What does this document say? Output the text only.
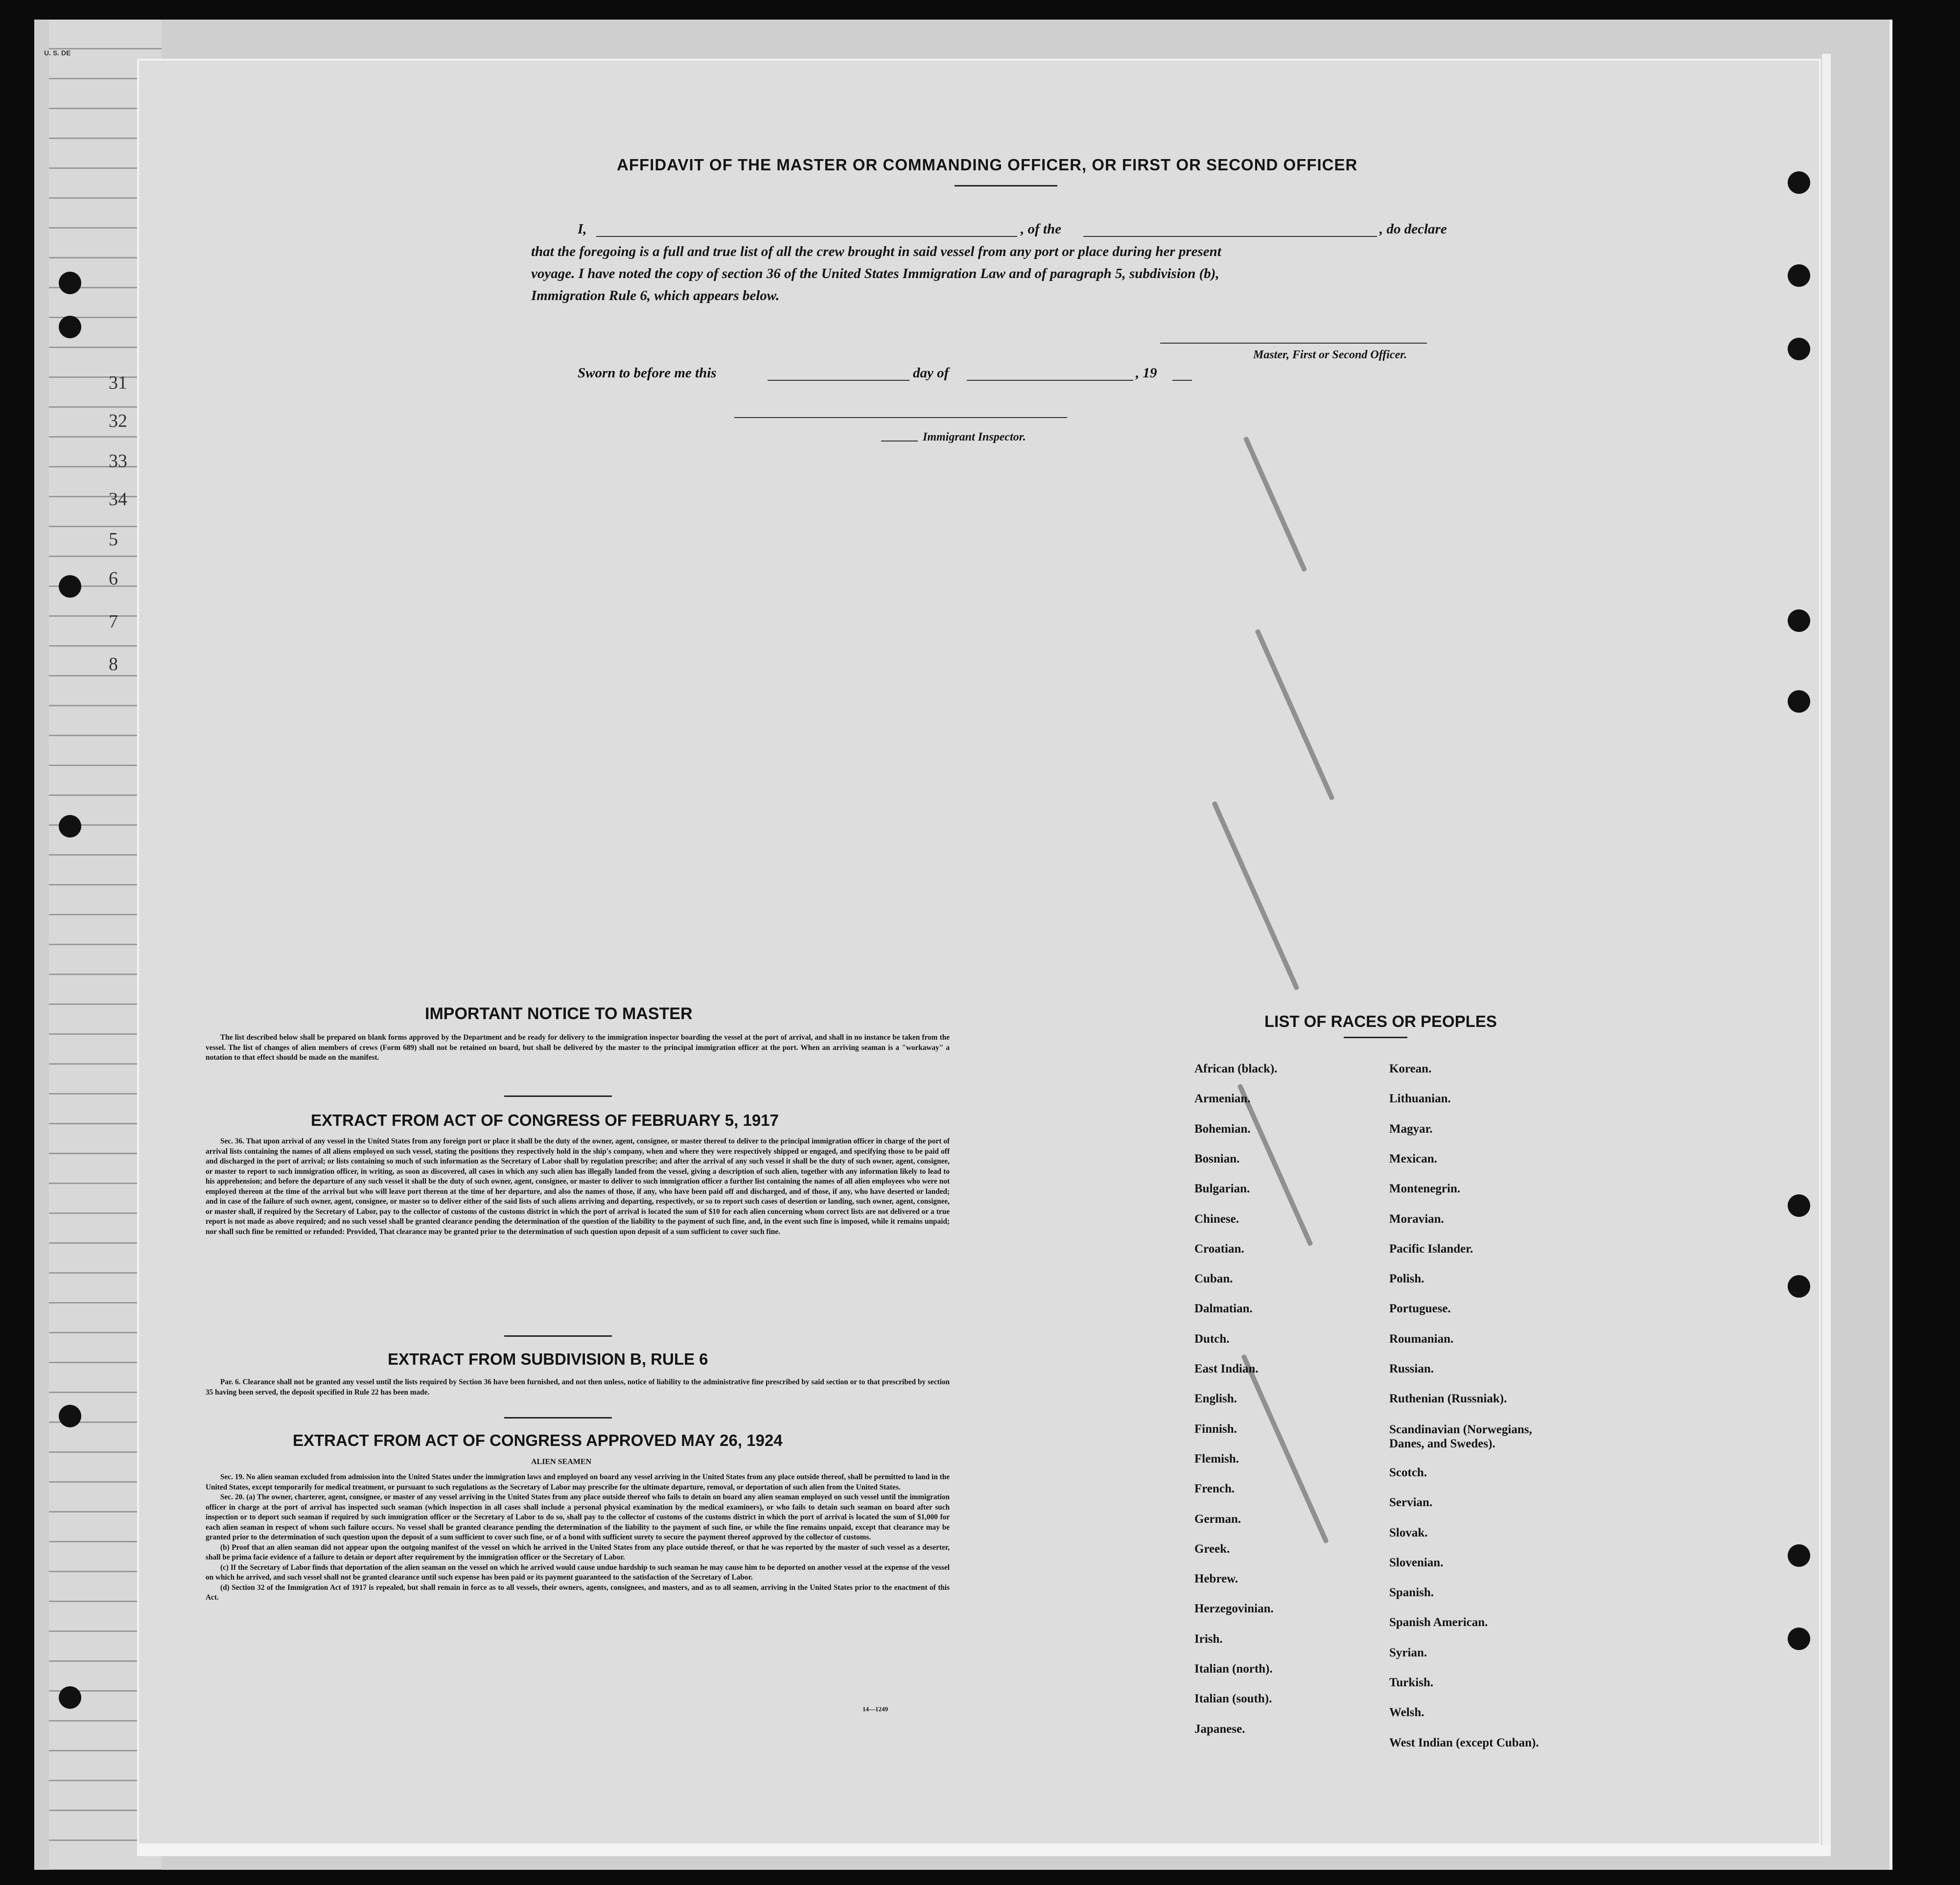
U. S. DE
31
32
33
34
5
6
7
8
AFFIDAVIT OF THE MASTER OR COMMANDING OFFICER, OR FIRST OR SECOND OFFICER
I,	, of the	, do declare
that the foregoing is a full and true list of all the crew brought in said vessel from any port or place during her present
voyage. I have noted the copy of section 36 of the United States Immigration Law and of paragraph 5, subdivision (b),
Immigration Rule 6, which appears below.
Master, First or Second Officer.
Sworn to before me this	day of	, 19
Immigrant Inspector.
IMPORTANT NOTICE TO MASTER

The list described below shall be prepared on blank forms approved by the Department and be ready for delivery to the immigration inspector boarding the vessel at the port of arrival, and shall in no instance be taken from the vessel. The list of changes of alien members of crews (Form 689) shall not be retained on board, but shall be delivered by the master to the principal immigration officer at the port. When an arriving seaman is a "workaway" a notation to that effect should be made on the manifest.

EXTRACT FROM ACT OF CONGRESS OF FEBRUARY 5, 1917

Sec. 36. That upon arrival of any vessel in the United States from any foreign port or place it shall be the duty of the owner, agent, consignee, or master thereof to deliver to the principal immigration officer in charge of the port of arrival lists containing the names of all aliens employed on such vessel, stating the positions they respectively hold in the ship's company, when and where they were respectively shipped or engaged, and specifying those to be paid off and discharged in the port of arrival; or lists containing so much of such information as the Secretary of Labor shall by regulation prescribe; and after the arrival of any such vessel it shall be the duty of such owner, agent, consignee, or master to report to such immigration officer, in writing, as soon as discovered, all cases in which any such alien has illegally landed from the vessel, giving a description of such alien, together with any information likely to lead to his apprehension; and before the departure of any such vessel it shall be the duty of such owner, agent, consignee, or master to deliver to such immigration officer a further list containing the names of all alien employees who were not employed thereon at the time of the arrival but who will leave port thereon at the time of her departure, and also the names of those, if any, who have been paid off and discharged, and of those, if any, who have deserted or landed; and in case of the failure of such owner, agent, consignee, or master so to deliver either of the said lists of such aliens arriving and departing, respectively, or so to report such cases of desertion or landing, such owner, agent, consignee, or master shall, if required by the Secretary of Labor, pay to the collector of customs of the customs district in which the port of arrival is located the sum of $10 for each alien concerning whom correct lists are not delivered or a true report is not made as above required; and no such vessel shall be granted clearance pending the determination of the question of the liability to the payment of such fine, and, in the event such fine is imposed, while it remains unpaid; nor shall such fine be remitted or refunded: Provided, That clearance may be granted prior to the determination of such question upon deposit of a sum sufficient to cover such fine.

EXTRACT FROM SUBDIVISION B, RULE 6

Par. 6. Clearance shall not be granted any vessel until the lists required by Section 36 have been furnished, and not then unless, notice of liability to the administrative fine prescribed by said section or to that prescribed by section 35 having been served, the deposit specified in Rule 22 has been made.

EXTRACT FROM ACT OF CONGRESS APPROVED MAY 26, 1924
ALIEN SEAMEN

Sec. 19. No alien seaman excluded from admission into the United States under the immigration laws and employed on board any vessel arriving in the United States from any place outside thereof, shall be permitted to land in the United States, except temporarily for medical treatment, or pursuant to such regulations as the Secretary of Labor may prescribe for the ultimate departure, removal, or deportation of such alien from the United States.

Sec. 20. (a) The owner, charterer, agent, consignee, or master of any vessel arriving in the United States from any place outside thereof who fails to detain on board any alien seaman employed on such vessel until the immigration officer in charge at the port of arrival has inspected such seaman (which inspection in all cases shall include a personal physical examination by the medical examiners), or who fails to detain such seaman on board after such inspection or to deport such seaman if required by such immigration officer or the Secretary of Labor to do so, shall pay to the collector of customs of the customs district in which the port of arrival is located the sum of $1,000 for each alien seaman in respect of whom such failure occurs. No vessel shall be granted clearance pending the determination of the liability to the payment of such fine, or while the fine remains unpaid, except that clearance may be granted prior to the determination of such question upon the deposit of a sum sufficient to cover such fine, or of a bond with sufficient surety to secure the payment thereof approved by the collector of customs.

(b) Proof that an alien seaman did not appear upon the outgoing manifest of the vessel on which he arrived in the United States from any place outside thereof, or that he was reported by the master of such vessel as a deserter, shall be prima facie evidence of a failure to detain or deport after requirement by the immigration officer or the Secretary of Labor.

(c) If the Secretary of Labor finds that deportation of the alien seaman on the vessel on which he arrived would cause undue hardship to such seaman he may cause him to be deported on another vessel at the expense of the vessel on which he arrived, and such vessel shall not be granted clearance until such expense has been paid or its payment guaranteed to the satisfaction of the Secretary of Labor.

(d) Section 32 of the Immigration Act of 1917 is repealed, but shall remain in force as to all vessels, their owners, agents, consignees, and masters, and as to all seamen, arriving in the United States prior to the enactment of this Act.

14—1249
LIST OF RACES OR PEOPLES
African (black).
Armenian.
Bohemian.
Bosnian.
Bulgarian.
Chinese.
Croatian.
Cuban.
Dalmatian.
Dutch.
East Indian.
English.
Finnish.
Flemish.
French.
German.
Greek.
Hebrew.
Herzegovinian.
Irish.
Italian (north).
Italian (south).
Japanese.
Korean.
Lithuanian.
Magyar.
Mexican.
Montenegrin.
Moravian.
Pacific Islander.
Polish.
Portuguese.
Roumanian.
Russian.
Ruthenian (Russniak).
Scandinavian (Norwegians, Danes, and Swedes).
Scotch.
Servian.
Slovak.
Slovenian.
Spanish.
Spanish American.
Syrian.
Turkish.
Welsh.
West Indian (except Cuban).
